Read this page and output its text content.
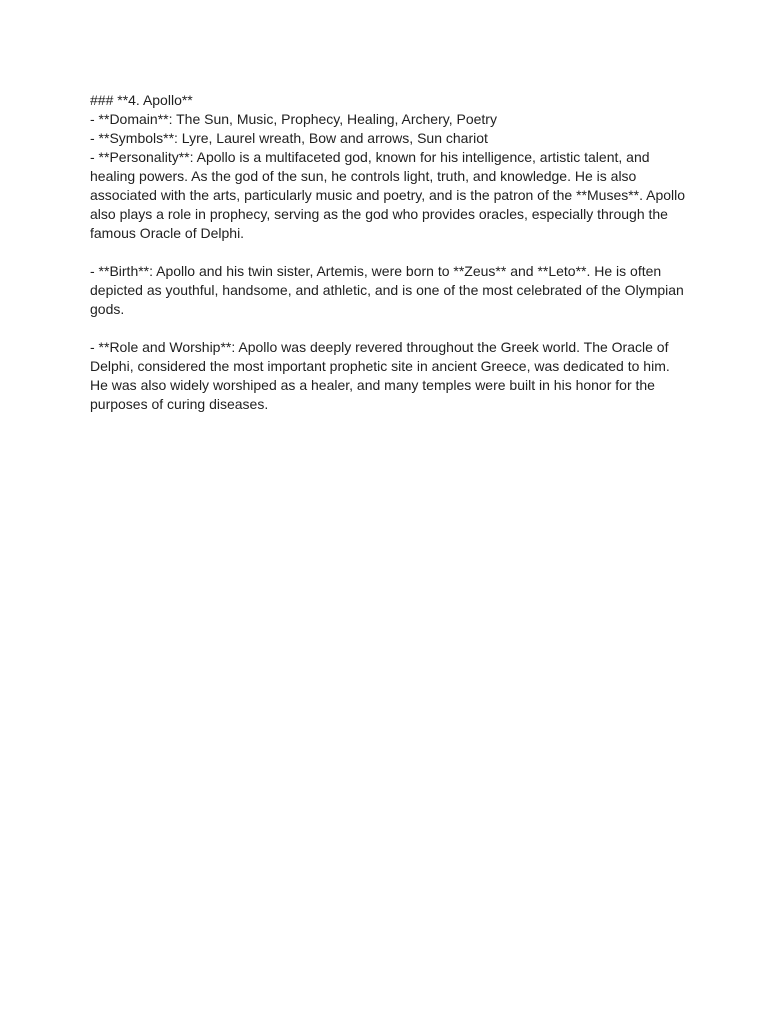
### **4. Apollo**
- **Domain**: The Sun, Music, Prophecy, Healing, Archery, Poetry
- **Symbols**: Lyre, Laurel wreath, Bow and arrows, Sun chariot
- **Personality**: Apollo is a multifaceted god, known for his intelligence, artistic talent, and
healing powers. As the god of the sun, he controls light, truth, and knowledge. He is also
associated with the arts, particularly music and poetry, and is the patron of the **Muses**. Apollo
also plays a role in prophecy, serving as the god who provides oracles, especially through the
famous Oracle of Delphi.
- **Birth**: Apollo and his twin sister, Artemis, were born to **Zeus** and **Leto**. He is often
depicted as youthful, handsome, and athletic, and is one of the most celebrated of the Olympian
gods.
- **Role and Worship**: Apollo was deeply revered throughout the Greek world. The Oracle of
Delphi, considered the most important prophetic site in ancient Greece, was dedicated to him.
He was also widely worshiped as a healer, and many temples were built in his honor for the
purposes of curing diseases.
